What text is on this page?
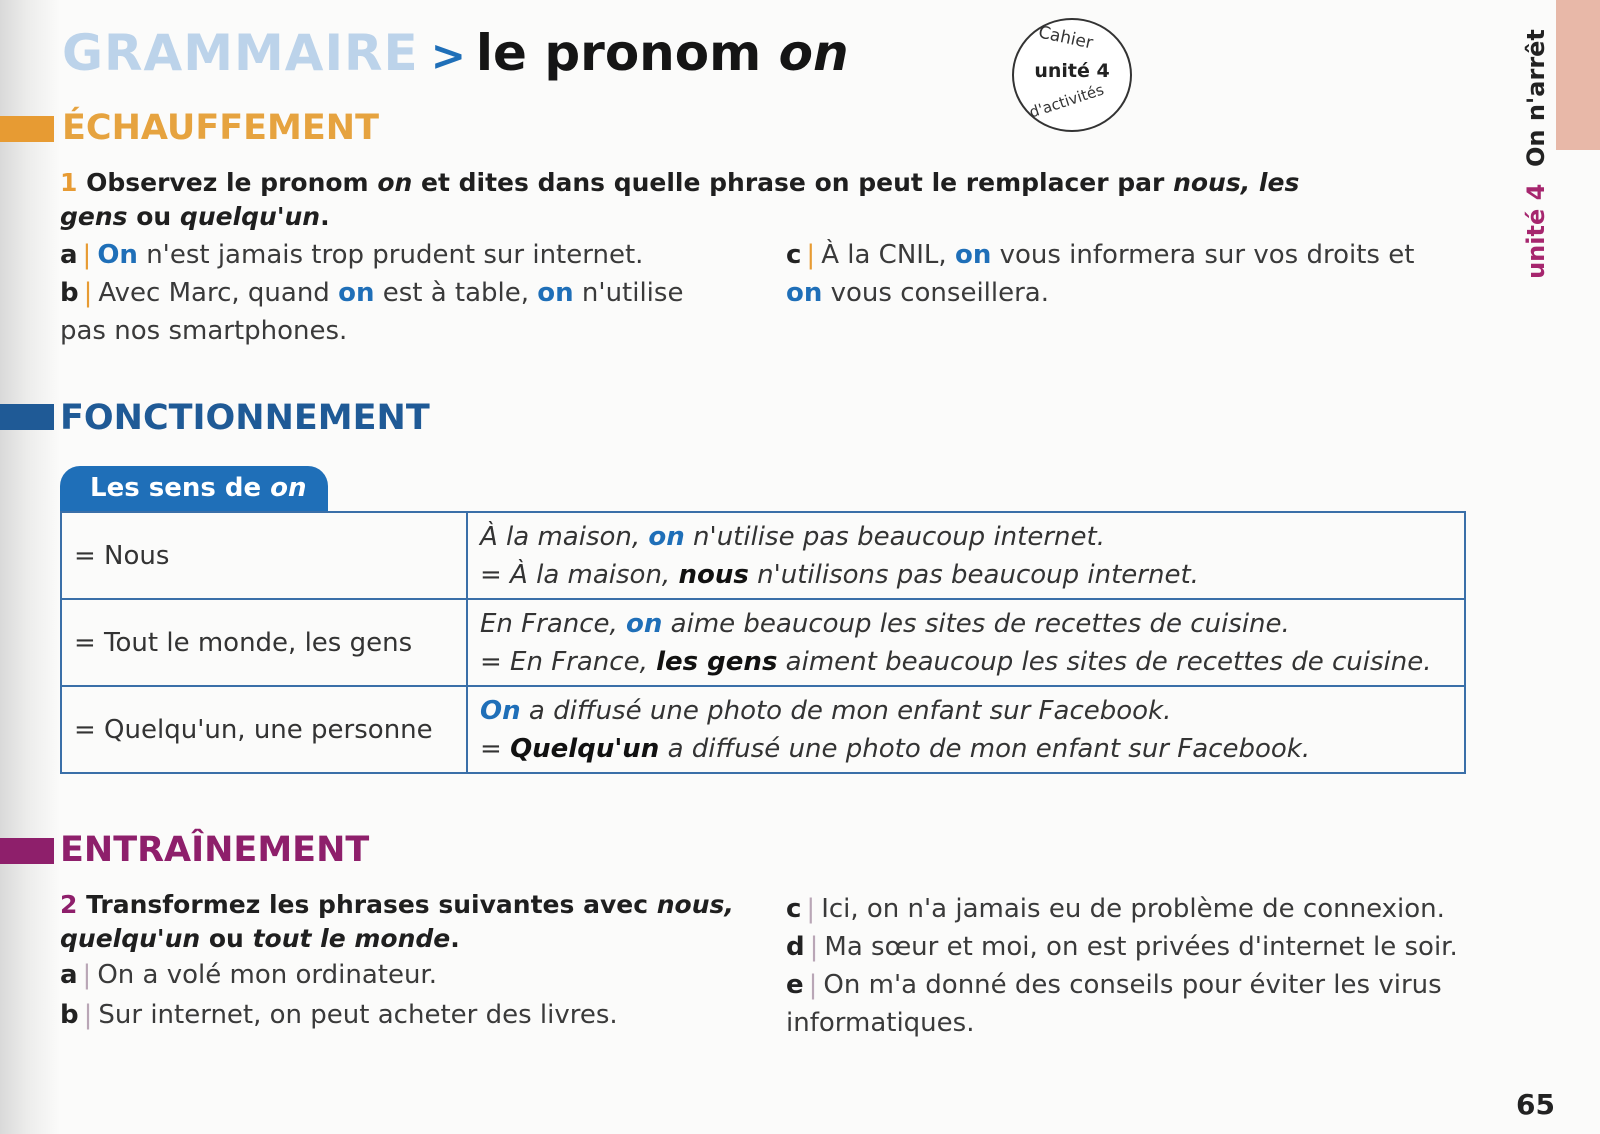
GRAMMAIRE > le pronom on	Cahier
unité 4
d'activités
unité 4  On n'arrêt
ÉCHAUFFEMENT
1 Observez le pronom on et dites dans quelle phrase on peut le remplacer par nous, les gens ou quelqu'un.
a | On n'est jamais trop prudent sur internet.
b | Avec Marc, quand on est à table, on n'utilise
pas nos smartphones.
c | À la CNIL, on vous informera sur vos droits et
on vous conseillera.
FONCTIONNEMENT
Les sens de on
= Nous	À la maison, on n'utilise pas beaucoup internet.
= À la maison, nous n'utilisons pas beaucoup internet.

= Tout le monde, les gens	En France, on aime beaucoup les sites de recettes de cuisine.
= En France, les gens aiment beaucoup les sites de recettes de cuisine.

= Quelqu'un, une personne	On a diffusé une photo de mon enfant sur Facebook.
= Quelqu'un a diffusé une photo de mon enfant sur Facebook.
ENTRAÎNEMENT
2 Transformez les phrases suivantes avec nous,
quelqu'un ou tout le monde.
a | On a volé mon ordinateur.
b | Sur internet, on peut acheter des livres.
c | Ici, on n'a jamais eu de problème de connexion.
d | Ma sœur et moi, on est privées d'internet le soir.
e | On m'a donné des conseils pour éviter les virus
informatiques.
65
